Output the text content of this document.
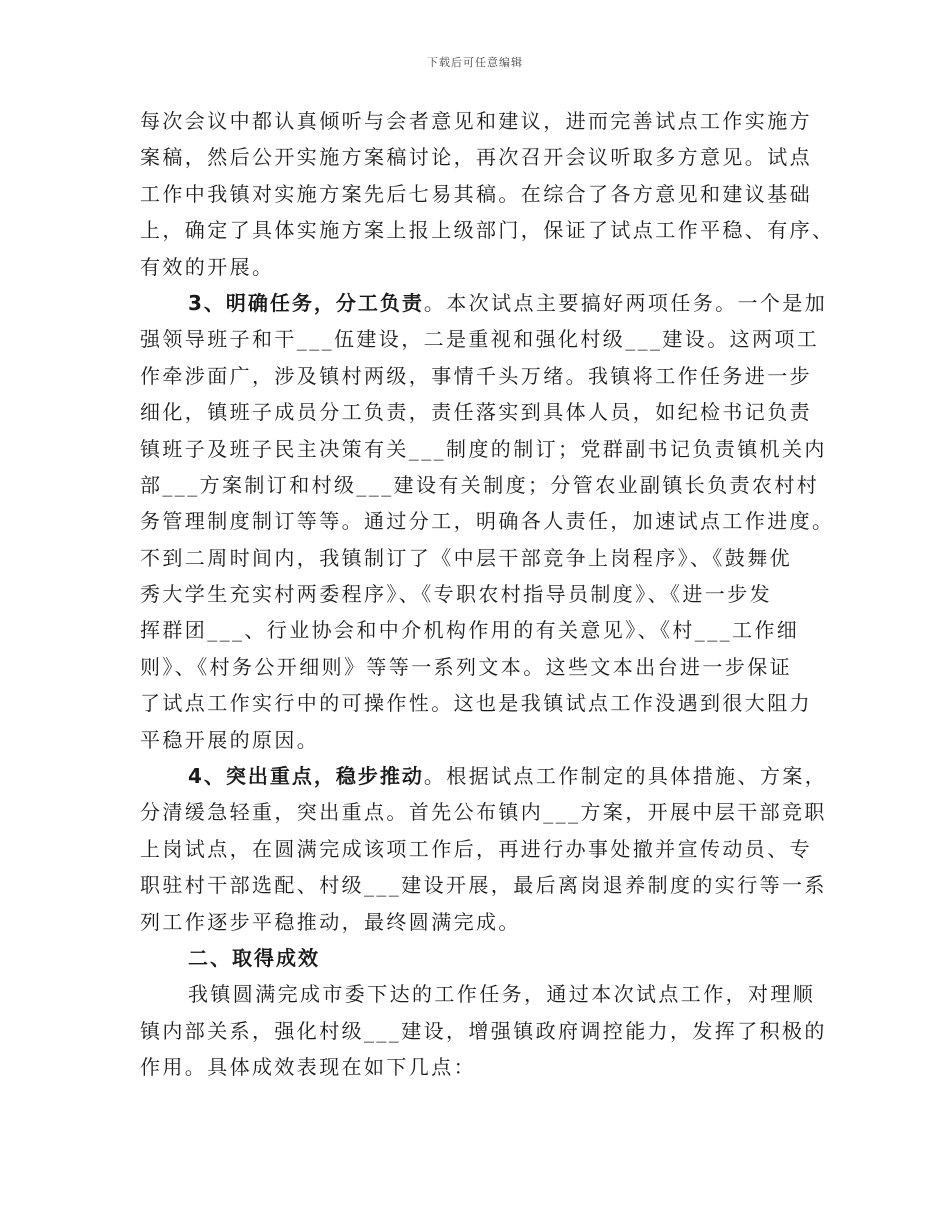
下载后可任意编辑
每次会议中都认真倾听与会者意见和建议，进而完善试点工作实施方
案稿，然后公开实施方案稿讨论，再次召开会议听取多方意见。试点
工作中我镇对实施方案先后七易其稿。在综合了各方意见和建议基础
上，确定了具体实施方案上报上级部门，保证了试点工作平稳、有序、
有效的开展。
3、明确任务，分工负责。本次试点主要搞好两项任务。一个是加
强领导班子和干___伍建设，二是重视和强化村级___建设。这两项工
作牵涉面广，涉及镇村两级，事情千头万绪。我镇将工作任务进一步
细化，镇班子成员分工负责，责任落实到具体人员，如纪检书记负责
镇班子及班子民主决策有关___制度的制订；党群副书记负责镇机关内
部___方案制订和村级___建设有关制度；分管农业副镇长负责农村村
务管理制度制订等等。通过分工，明确各人责任，加速试点工作进度。
不到二周时间内，我镇制订了《中层干部竞争上岗程序》、《鼓舞优
秀大学生充实村两委程序》、《专职农村指导员制度》、《进一步发
挥群团___、行业协会和中介机构作用的有关意见》、《村___工作细
则》、《村务公开细则》等等一系列文本。这些文本出台进一步保证
了试点工作实行中的可操作性。这也是我镇试点工作没遇到很大阻力
平稳开展的原因。
4、突出重点，稳步推动。根据试点工作制定的具体措施、方案，
分清缓急轻重，突出重点。首先公布镇内___方案，开展中层干部竞职
上岗试点，在圆满完成该项工作后，再进行办事处撤并宣传动员、专
职驻村干部选配、村级___建设开展，最后离岗退养制度的实行等一系
列工作逐步平稳推动，最终圆满完成。
二、取得成效
我镇圆满完成市委下达的工作任务，通过本次试点工作，对理顺
镇内部关系，强化村级___建设，增强镇政府调控能力，发挥了积极的
作用。具体成效表现在如下几点：
